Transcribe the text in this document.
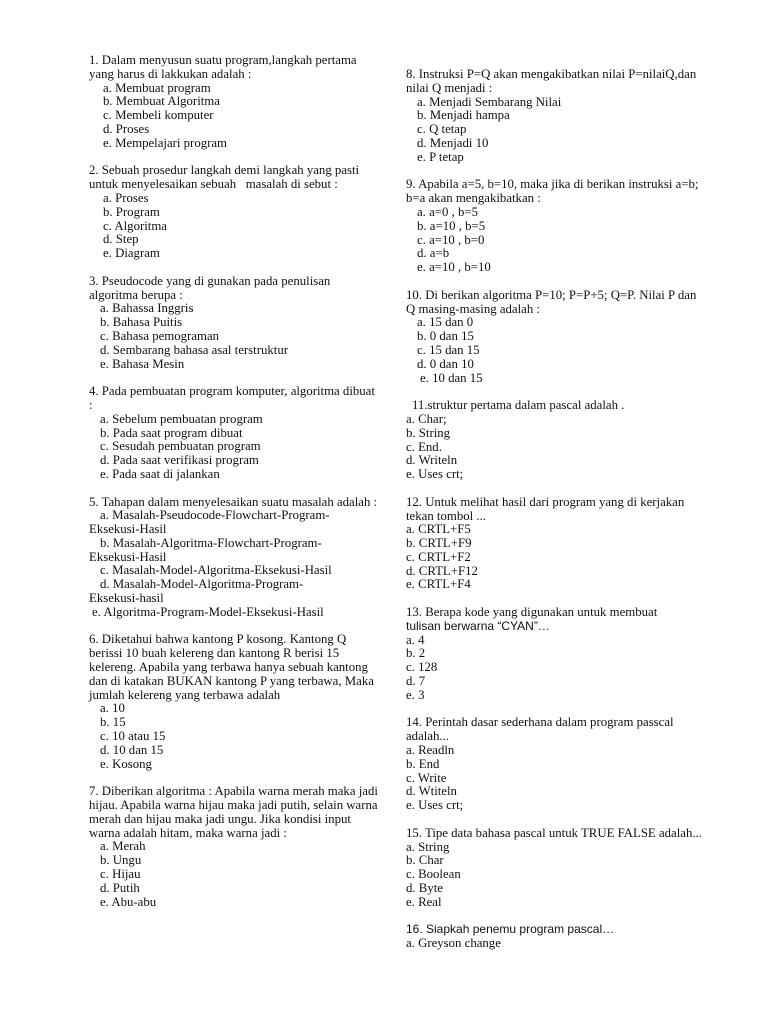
1. Dalam menyusun suatu program,langkah pertama yang harus di lakkukan adalah :
a. Membuat program
b. Membuat Algoritma
c. Membeli komputer
d. Proses
e. Mempelajari program
2. Sebuah prosedur langkah demi langkah yang pasti untuk menyelesaikan sebuah   masalah di sebut :
a. Proses
b. Program
c. Algoritma
d. Step
e. Diagram
3. Pseudocode yang di gunakan pada penulisan algoritma berupa :
a. Bahassa Inggris
b. Bahasa Puitis
c. Bahasa pemograman
d. Sembarang bahasa asal terstruktur
e. Bahasa Mesin
4. Pada pembuatan program komputer, algoritma dibuat :
a. Sebelum pembuatan program
b. Pada saat program dibuat
c. Sesudah pembuatan program
d. Pada saat verifikasi program
e. Pada saat di jalankan
5. Tahapan dalam menyelesaikan suatu masalah adalah :
a. Masalah-Pseudocode-Flowchart-Program-
Eksekusi-Hasil
b. Masalah-Algoritma-Flowchart-Program-
Eksekusi-Hasil
c. Masalah-Model-Algoritma-Eksekusi-Hasil
d. Masalah-Model-Algoritma-Program-
Eksekusi-hasil
e. Algoritma-Program-Model-Eksekusi-Hasil
6. Diketahui bahwa kantong P kosong. Kantong Q berissi 10 buah kelereng dan kantong R berisi 15 kelereng. Apabila yang terbawa hanya sebuah kantong dan di katakan BUKAN kantong P yang terbawa, Maka jumlah kelereng yang terbawa adalah
a. 10
b. 15
c. 10 atau 15
d. 10 dan 15
e. Kosong
7. Diberikan algoritma : Apabila warna merah maka jadi hijau. Apabila warna hijau maka jadi putih, selain warna merah dan hijau maka jadi ungu. Jika kondisi input warna adalah hitam, maka warna jadi :
a. Merah
b. Ungu
c. Hijau
d. Putih
e. Abu-abu
8. Instruksi P=Q akan mengakibatkan nilai P=nilaiQ,dan nilai Q menjadi :
a. Menjadi Sembarang Nilai
b. Menjadi hampa
c. Q tetap
d. Menjadi 10
e. P tetap
9. Apabila a=5, b=10, maka jika di berikan instruksi a=b; b=a akan mengakibatkan :
a. a=0 , b=5
b. a=10 , b=5
c. a=10 , b=0
d. a=b
e. a=10 , b=10
10. Di berikan algoritma P=10; P=P+5; Q=P. Nilai P dan Q masing-masing adalah :
a. 15 dan 0
b. 0 dan 15
c. 15 dan 15
d. 0 dan 10
e. 10 dan 15
11.struktur pertama dalam pascal adalah .
a. Char;
b. String
c. End.
d. Writeln
e. Uses crt;
12. Untuk melihat hasil dari program yang di kerjakan tekan tombol ...
a. CRTL+F5
b. CRTL+F9
c. CRTL+F2
d. CRTL+F12
e. CRTL+F4
13. Berapa kode yang digunakan untuk membuat
tulisan berwarna “CYAN”…
a. 4
b. 2
c. 128
d. 7
e. 3
14. Perintah dasar sederhana dalam program passcal adalah...
a. Readln
b. End
c. Write
d. Wtiteln
e. Uses crt;
15. Tipe data bahasa pascal untuk TRUE FALSE adalah...
a. String
b. Char
c. Boolean
d. Byte
e. Real
16. Siapkah penemu program pascal…
a. Greyson change
